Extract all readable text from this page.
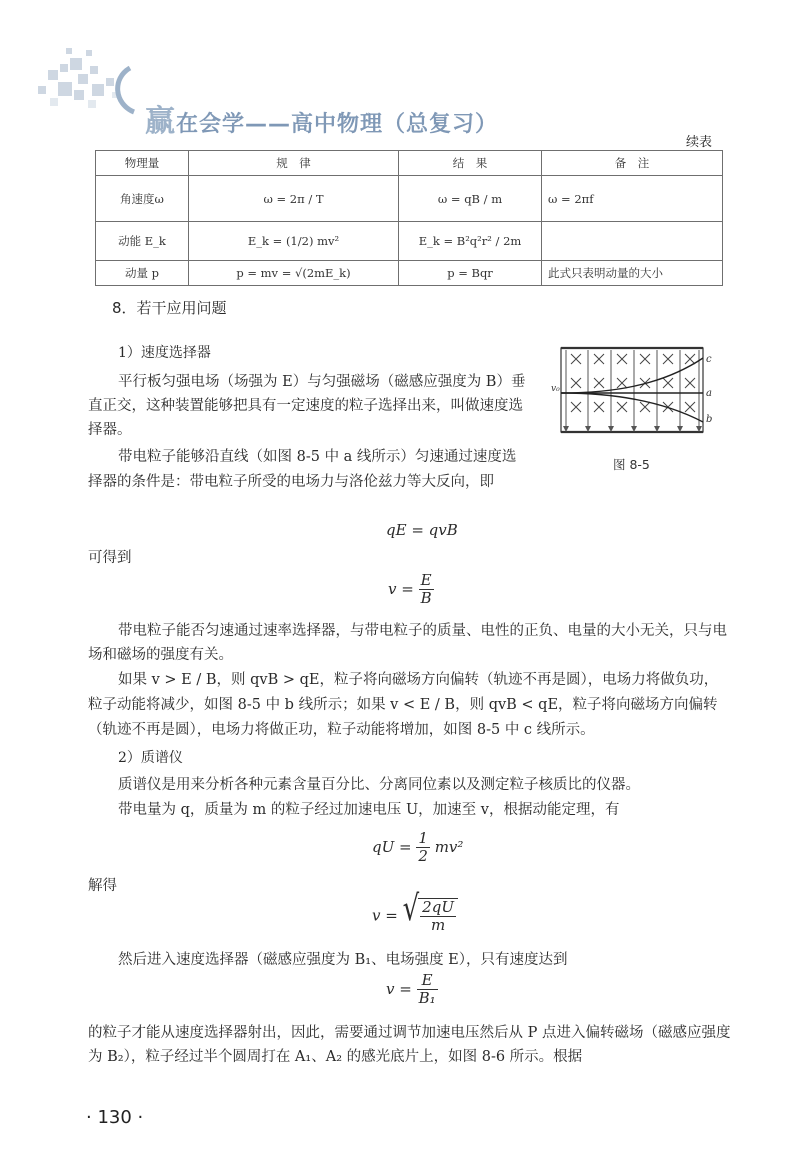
赢在会学——高中物理（总复习）
续表
物理量	规　律	结　果	备　注
角速度ω	ω = 2π / T	ω = qB / m	ω = 2πf
动能 E_k	E_k = (1/2) mv²	E_k = B²q²r² / 2m	
动量 p	p = mv = √(2mE_k)	p = Bqr	此式只表明动量的大小
8．若干应用问题
1）速度选择器
平行板匀强电场（场强为 E）与匀强磁场（磁感应强度为 B）垂直正交，这种装置能够把具有一定速度的粒子选择出来，叫做速度选择器。
带电粒子能够沿直线（如图 8-5 中 a 线所示）匀速通过速度选择器的条件是：带电粒子所受的电场力与洛伦兹力等大反向，即
v₀
c
a
b
图 8-5
qE = qvB
可得到
$v = \frac{E}{B}$
带电粒子能否匀速通过速率选择器，与带电粒子的质量、电性的正负、电量的大小无关，只与电场和磁场的强度有关。
如果 v > E / B，则 qvB > qE，粒子将向磁场方向偏转（轨迹不再是圆），电场力将做负功，粒子动能将减少，如图 8-5 中 b 线所示；如果 v < E / B，则 qvB < qE，粒子将向磁场方向偏转（轨迹不再是圆），电场力将做正功，粒子动能将增加，如图 8-5 中 c 线所示。
2）质谱仪
质谱仪是用来分析各种元素含量百分比、分离同位素以及测定粒子核质比的仪器。
带电量为 q，质量为 m 的粒子经过加速电压 U，加速至 v，根据动能定理，有
qU = $\frac{1}{2} mv^2$
解得
v = √ $\frac{2qU}{m}$
然后进入速度选择器（磁感应强度为 B₁、电场强度 E），只有速度达到
$v = \frac{E}{\text{B₁}}$
的粒子才能从速度选择器射出，因此，需要通过调节加速电压然后从 P 点进入偏转磁场（磁感应强度为 B₂），粒子经过半个圆周打在 A₁、A₂ 的感光底片上，如图 8-6 所示。根据
· 130 ·
